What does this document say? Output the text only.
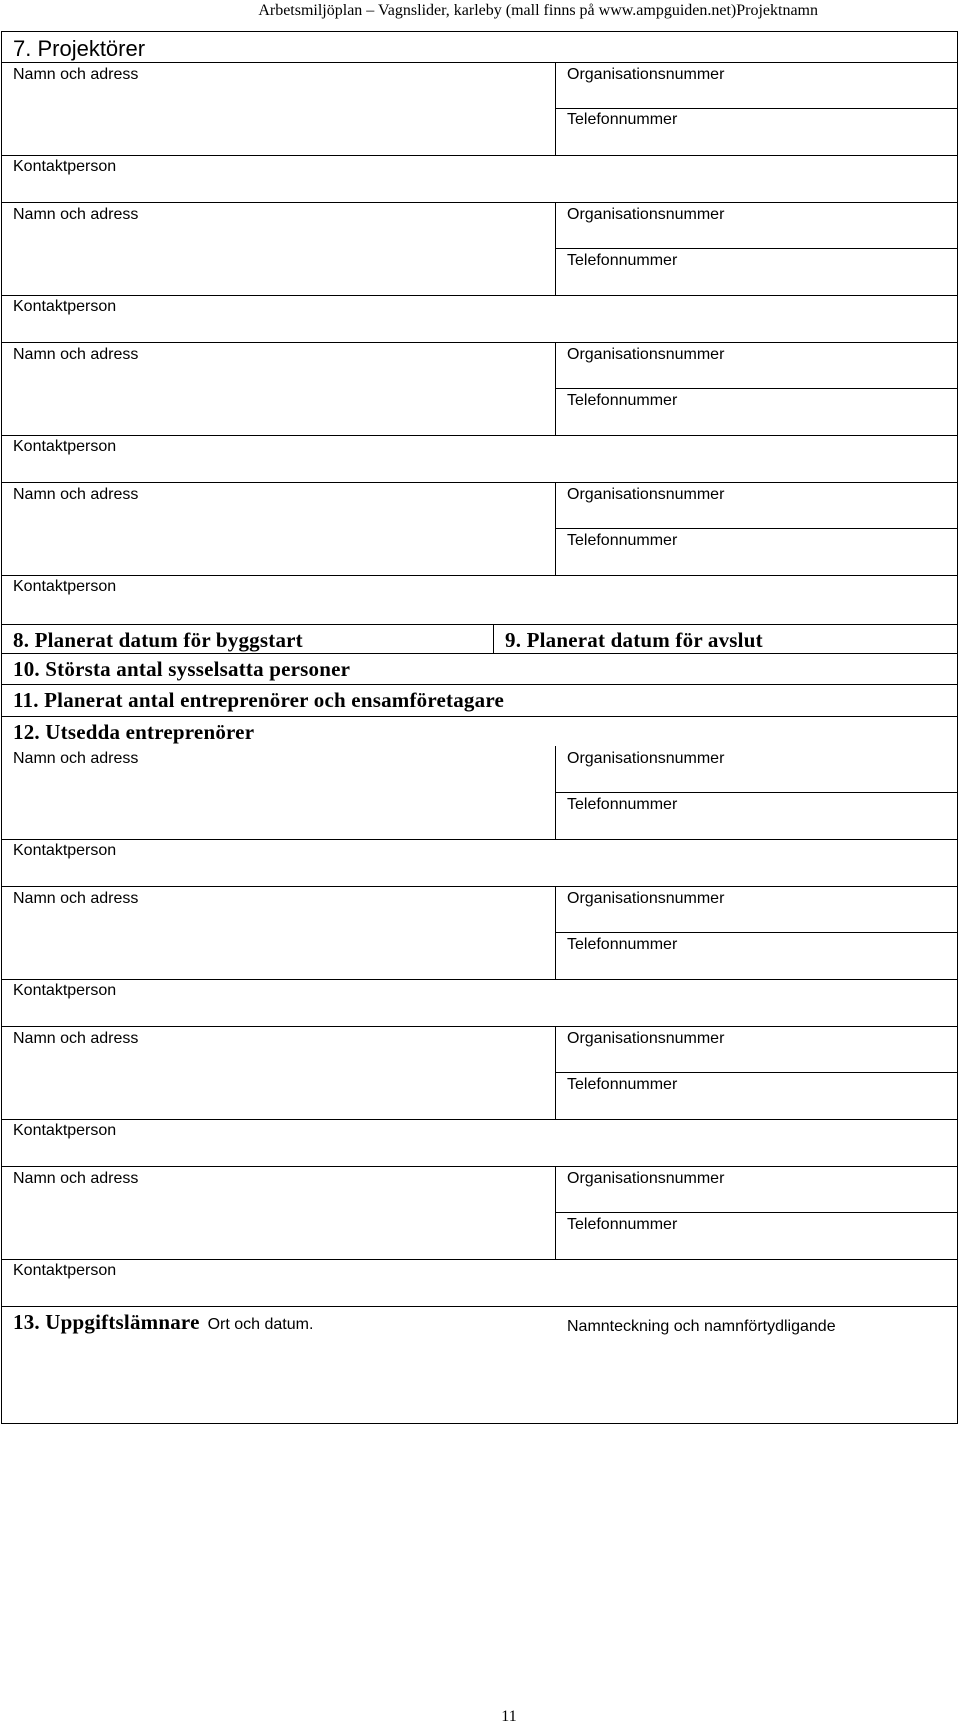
Arbetsmiljöplan – Vagnslider, karleby (mall finns på www.ampguiden.net)Projektnamn
7. Projektörer
Namn och adress	Organisationsnummer
Telefonnummer
Kontaktperson
Namn och adress	Organisationsnummer
Telefonnummer
Kontaktperson
Namn och adress	Organisationsnummer
Telefonnummer
Kontaktperson
Namn och adress	Organisationsnummer
Telefonnummer
Kontaktperson
8. Planerat datum för byggstart	9. Planerat datum för avslut
10. Största antal sysselsatta personer
11. Planerat antal entreprenörer och ensamföretagare
12. Utsedda entreprenörer
Namn och adress	Organisationsnummer
Telefonnummer
Kontaktperson
Namn och adress	Organisationsnummer
Telefonnummer
Kontaktperson
Namn och adress	Organisationsnummer
Telefonnummer
Kontaktperson
Namn och adress	Organisationsnummer
Telefonnummer
Kontaktperson
13. Uppgiftslämnare Ort och datum.	Namnteckning och namnförtydligande
11
